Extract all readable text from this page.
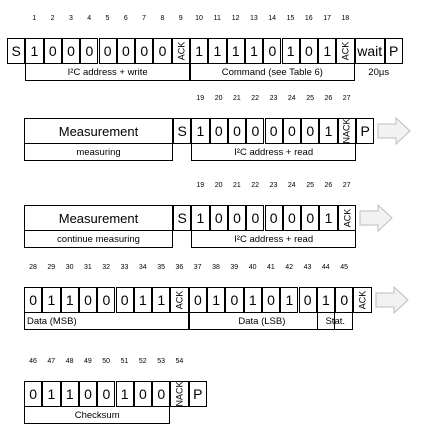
S 1 0 0 0 0 0 0 0	ACK 1 1 1 1 0 1 0 1	ACK wait P
1	2	3	4	5	6	7	8	9	10	11	12	13	14	15	16	17	18
I²C address + write	Command (see Table 6)	20µs
Measurement	S 1 0 0 0 0 0 0 1	NACK P
19	20	21	22	23	24	25	26	27
measuring	I²C address + read
Measurement	S 1 0 0 0 0 0 0 1	ACK
19	20	21	22	23	24	25	26	27
continue measuring	I²C address + read
0 1 1 0 0 0 1 1	ACK 0 1 0 1 0 1 0 1 0	ACK
28	29	30	31	32	33	34	35	36	37	38	39	40	41	42	43	44	45
Data (MSB)	Data (LSB)	Stat.
0 1 1 0 0 1 0 0	NACK P
46	47	48	49	50	51	52	53	54
Checksum
